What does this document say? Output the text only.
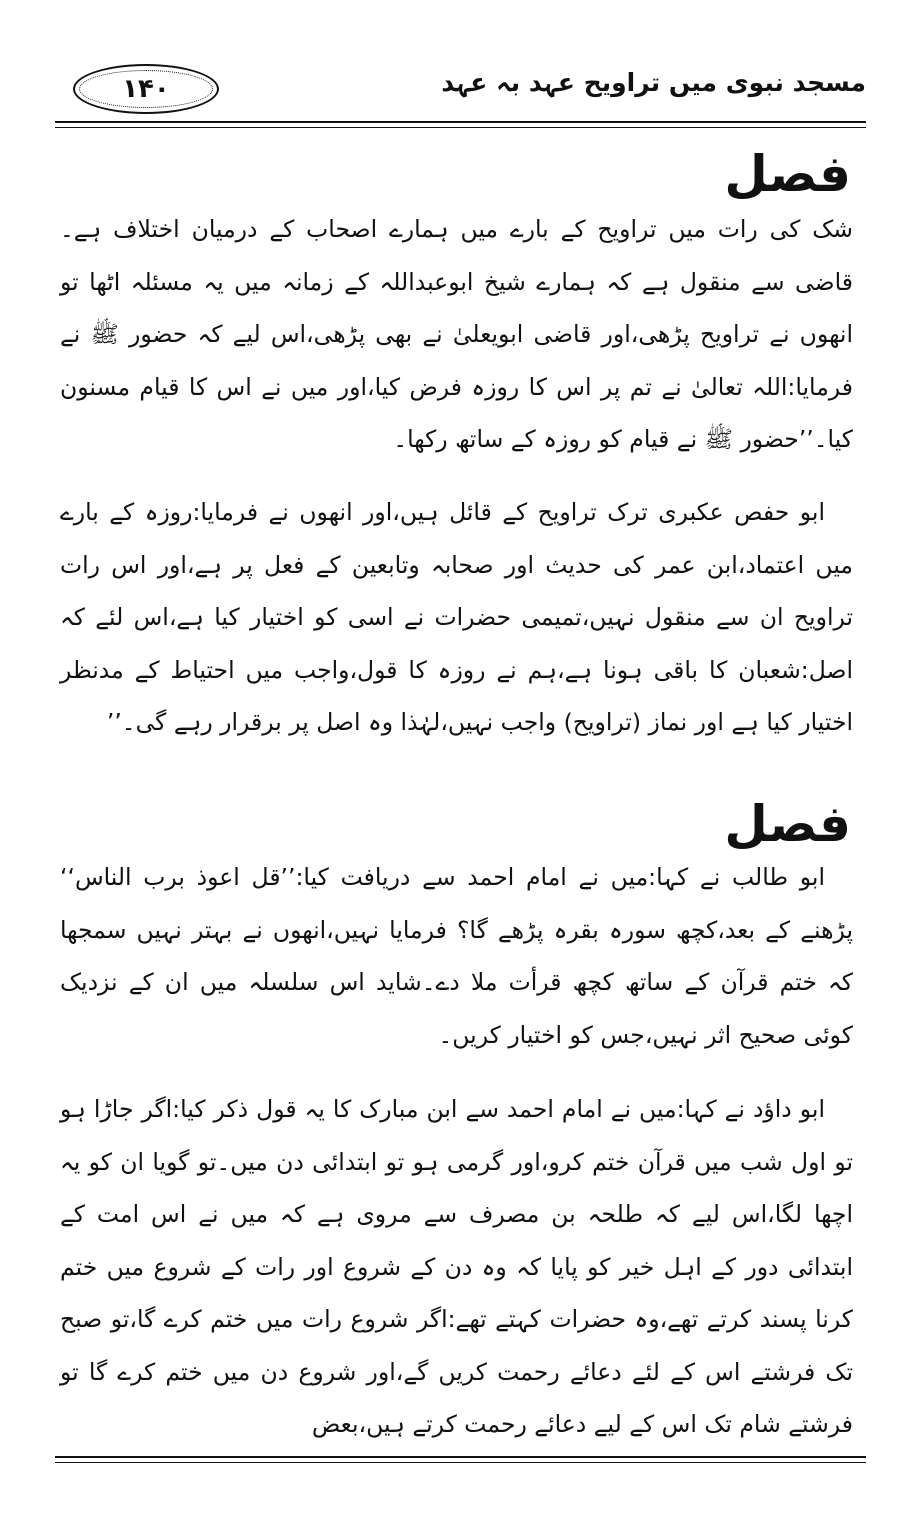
مسجد نبوی میں تراویح عہد بہ عہد
۱۴۰
فصل

شک کی رات میں تراویح کے بارے میں ہمارے اصحاب کے درمیان اختلاف ہے۔قاضی سے منقول ہے کہ ہمارے شیخ ابوعبداللہ کے زمانہ میں یہ مسئلہ اٹھا تو انھوں نے تراویح پڑھی،اور قاضی ابویعلیٰ نے بھی پڑھی،اس لیے کہ حضور ﷺ نے فرمایا:اللہ تعالیٰ نے تم پر اس کا روزہ فرض کیا،اور میں نے اس کا قیام مسنون کیا۔’’حضور ﷺ نے قیام کو روزہ کے ساتھ رکھا۔

ابو حفص عکبری ترک تراویح کے قائل ہیں،اور انھوں نے فرمایا:روزہ کے بارے میں اعتماد،ابن عمر کی حدیث اور صحابہ وتابعین کے فعل پر ہے،اور اس رات تراویح ان سے منقول نہیں،تمیمی حضرات نے اسی کو اختیار کیا ہے،اس لئے کہ اصل:شعبان کا باقی ہونا ہے،ہم نے روزہ کا قول،واجب میں احتیاط کے مدنظر اختیار کیا ہے اور نماز (تراویح) واجب نہیں،لہٰذا وہ اصل پر برقرار رہے گی۔’’

فصل

ابو طالب نے کہا:میں نے امام احمد سے دریافت کیا:’’قل اعوذ برب الناس‘‘ پڑھنے کے بعد،کچھ سورہ بقرہ پڑھے گا؟ فرمایا نہیں،انھوں نے بہتر نہیں سمجھا کہ ختم قرآن کے ساتھ کچھ قرأت ملا دے۔شاید اس سلسلہ میں ان کے نزدیک کوئی صحیح اثر نہیں،جس کو اختیار کریں۔

ابو داؤد نے کہا:میں نے امام احمد سے ابن مبارک کا یہ قول ذکر کیا:اگر جاڑا ہو تو اول شب میں قرآن ختم کرو،اور گرمی ہو تو ابتدائی دن میں۔تو گویا ان کو یہ اچھا لگا،اس لیے کہ طلحہ بن مصرف سے مروی ہے کہ میں نے اس امت کے ابتدائی دور کے اہل خیر کو پایا کہ وہ دن کے شروع اور رات کے شروع میں ختم کرنا پسند کرتے تھے،وہ حضرات کہتے تھے:اگر شروع رات میں ختم کرے گا،تو صبح تک فرشتے اس کے لئے دعائے رحمت کریں گے،اور شروع دن میں ختم کرے گا تو فرشتے شام تک اس کے لیے دعائے رحمت کرتے ہیں،بعض
